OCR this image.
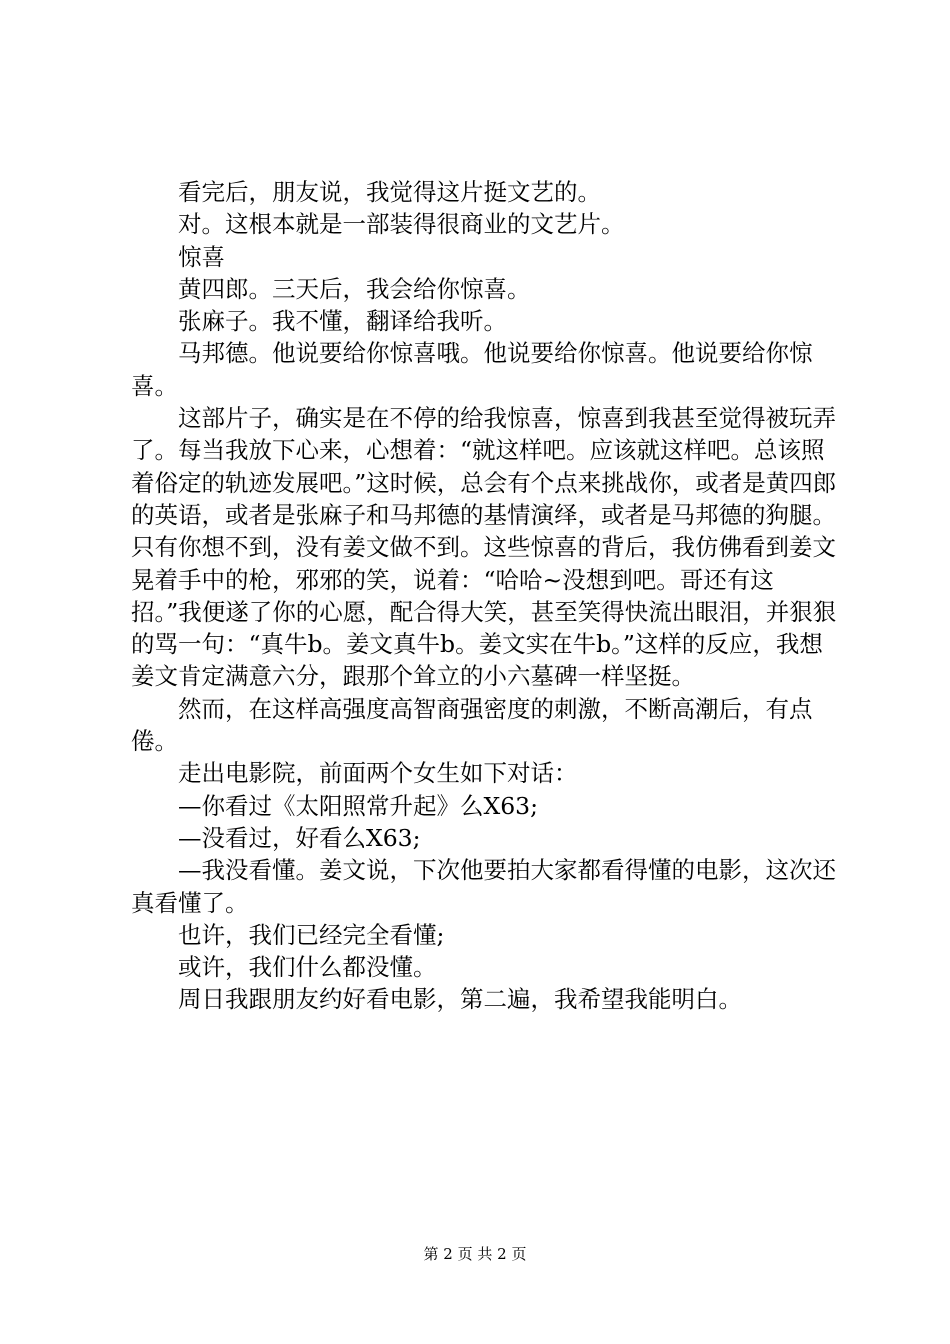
看完后，朋友说，我觉得这片挺文艺的。

对。这根本就是一部装得很商业的文艺片。

惊喜

黄四郎。三天后，我会给你惊喜。

张麻子。我不懂，翻译给我听。

马邦德。他说要给你惊喜哦。他说要给你惊喜。他说要给你惊喜。

这部片子，确实是在不停的给我惊喜，惊喜到我甚至觉得被玩弄了。每当我放下心来，心想着：“就这样吧。应该就这样吧。总该照着俗定的轨迹发展吧。”这时候，总会有个点来挑战你，或者是黄四郎的英语，或者是张麻子和马邦德的基情演绎，或者是马邦德的狗腿。只有你想不到，没有姜文做不到。这些惊喜的背后，我仿佛看到姜文晃着手中的枪，邪邪的笑，说着：“哈哈~没想到吧。哥还有这招。”我便遂了你的心愿，配合得大笑，甚至笑得快流出眼泪，并狠狠的骂一句：“真牛b。姜文真牛b。姜文实在牛b。”这样的反应，我想姜文肯定满意六分，跟那个耸立的小六墓碑一样坚挺。

然而，在这样高强度高智商强密度的刺激，不断高潮后，有点倦。

走出电影院，前面两个女生如下对话：

—你看过《太阳照常升起》么X63;

—没看过，好看么X63;

—我没看懂。姜文说，下次他要拍大家都看得懂的电影，这次还真看懂了。

也许，我们已经完全看懂;

或许，我们什么都没懂。

周日我跟朋友约好看电影，第二遍，我希望我能明白。

第 2 页 共 2 页
